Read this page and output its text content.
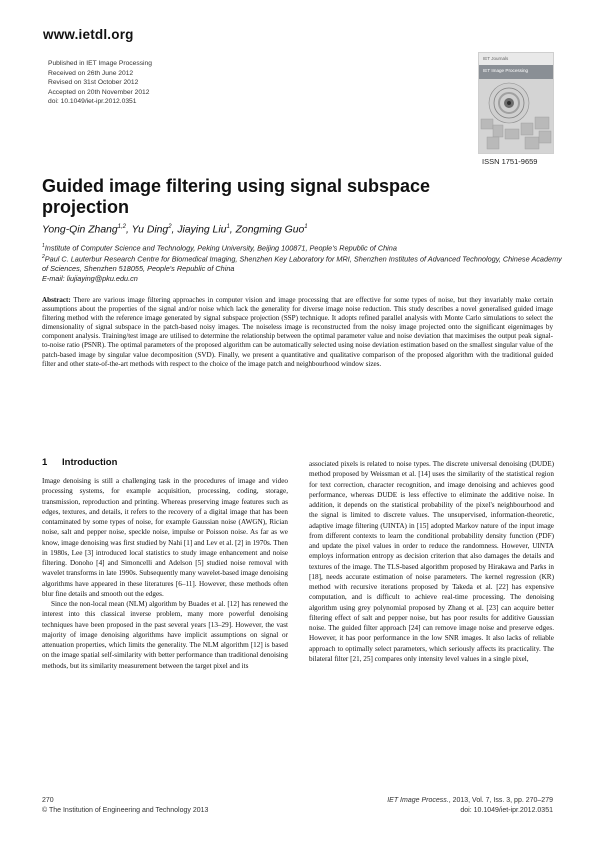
www.ietdl.org
Published in IET Image Processing
Received on 26th June 2012
Revised on 31st October 2012
Accepted on 20th November 2012
doi: 10.1049/iet-ipr.2012.0351
IET Journals
IET Image Processing
ISSN 1751-9659
Guided image filtering using signal subspace projection
Yong-Qin Zhang$^{1,2}$, Yu Ding$^2$, Jiaying Liu$^1$, Zongming Guo$^1$

$^1$Institute of Computer Science and Technology, Peking University, Beijing 100871, People's Republic of China

$^2$Paul C. Lauterbur Research Centre for Biomedical Imaging, Shenzhen Key Laboratory for MRI, Shenzhen Institutes of Advanced Technology, Chinese Academy of Sciences, Shenzhen 518055, People's Republic of China

E-mail: liujiaying@pku.edu.cn

Abstract: There are various image filtering approaches in computer vision and image processing that are effective for some types of noise, but they invariably make certain assumptions about the properties of the signal and/or noise which lack the generality for diverse image noise reduction. This study describes a novel generalised guided image filtering method with the reference image generated by signal subspace projection (SSP) technique. It adopts refined parallel analysis with Monte Carlo simulations to select the dimensionality of signal subspace in the patch-based noisy images. The noiseless image is reconstructed from the noisy image projected onto the significant eigenimages by component analysis. Training/test image are utilised to determine the relationship between the optimal parameter value and noise deviation that maximises the output peak signal-to-noise ratio (PSNR). The optimal parameters of the proposed algorithm can be automatically selected using noise deviation estimation based on the smallest singular value of the patch-based image by singular value decomposition (SVD). Finally, we present a quantitative and qualitative comparison of the proposed algorithm with the traditional guided filter and other state-of-the-art methods with respect to the choice of the image patch and neighbourhood window sizes.

1 Introduction

Image denoising is still a challenging task in the procedures of image and video processing systems, for example acquisition, processing, coding, storage, transmission, reproduction and printing. Whereas preserving image features such as edges, textures, and details, it refers to the recovery of a digital image that has been contaminated by some types of noise, for example Gaussian noise (AWGN), Rician noise, salt and pepper noise, speckle noise, impulse or Poisson noise. As far as we know, image denoising was first studied by Nahi [1] and Lev et al. [2] in 1970s. Then in 1980s, Lee [3] introduced local statistics to study image enhancement and noise filtering. Donoho [4] and Simoncelli and Adelson [5] studied noise removal with wavelet transforms in late 1990s. Subsequently many wavelet-based image denoising algorithms have appeared in these literatures [6–11]. However, these methods often blur fine details and smooth out the edges.

Since the non-local mean (NLM) algorithm by Buades et al. [12] has renewed the interest into this classical inverse problem, many more powerful denoising techniques have been proposed in the past several years [13–29]. However, the vast majority of image denoising algorithms have implicit assumptions on signal or attenuation properties, which limits the generality. The NLM algorithm [12] is based on the image spatial self-similarity with better performance than traditional denoising methods, but its similarity measurement between the target pixel and its

associated pixels is related to noise types. The discrete universal denoising (DUDE) method proposed by Weissman et al. [14] uses the similarity of the statistical region for text correction, character recognition, and image denoising and achieves good performance, whereas DUDE is less effective to eliminate the additive noise. In addition, it depends on the statistical probability of the pixel's neighbourhood and the signal is limited to discrete values. The unsupervised, information-theoretic, adaptive image filtering (UINTA) in [15] adopted Markov nature of the input image from different contexts to learn the conditional probability density function (PDF) and update the pixel values in order to reduce the randomness. However, UINTA employs information entropy as decision criterion that also damages the details and textures of the image. The TLS-based algorithm proposed by Hirakawa and Parks in [18], needs accurate estimation of noise parameters. The kernel regression (KR) method with recursive iterations proposed by Takeda et al. [22] has expensive computation, and is difficult to achieve real-time processing. The denoising algorithm using grey polynomial proposed by Zhang et al. [23] can acquire better filtering effect of salt and pepper noise, but has poor results for additive Gaussian noise. The guided filter approach [24] can remove image noise and preserve edges. However, it has poor performance in the low SNR images. It also lacks of reliable approach to optimally select parameters, which seriously affects its practicality. The bilateral filter [21, 25] compares only intensity level values in a single pixel,

270
© The Institution of Engineering and Technology 2013
IET Image Process., 2013, Vol. 7, Iss. 3, pp. 270–279
doi: 10.1049/iet-ipr.2012.0351
